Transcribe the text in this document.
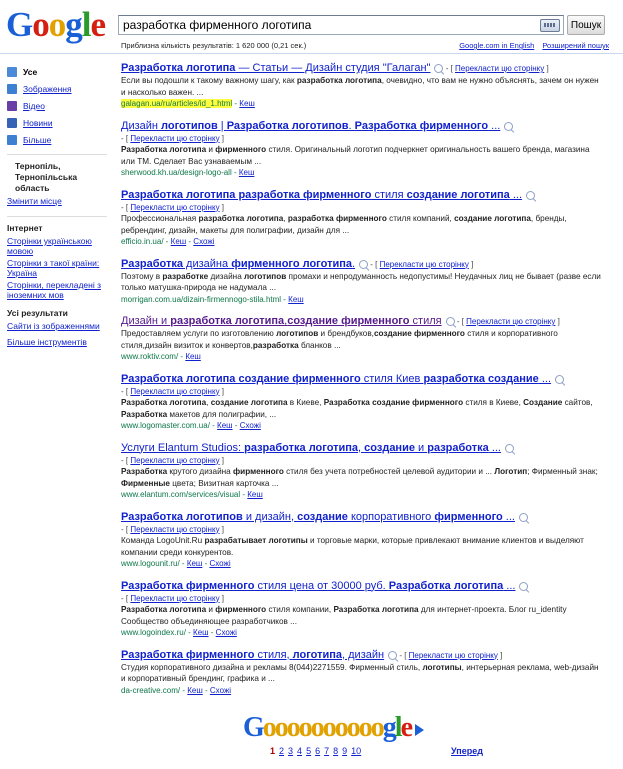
Google
разработка фирменного логотипа	Пошук
Приблизна кількість результатів: 1 620 000 (0,21 сек.)	Google.com in English Розширений пошук
Усе
Зображення
Відео
Новини
Більше
Тернопіль, Тернопільська область
Змінити місце
Інтернет
Сторінки українською мовою
Сторінки з такої країни: Україна
Сторінки, перекладені з іноземних мов
Усі результати
Сайти із зображеннями
Більше інструментів
Разработка логотипа — Статьи — Дизайн студия "Галаган" - [ Перекласти цю сторінку ]
Если вы подошли к такому важному шагу, как разработка логотипа, очевидно, что вам не нужно объяснять, зачем он нужен и насколько важен. ...
galagan.ua/ru/articles/id_1.html - Кеш
Дизайн логотипов | Разработка логотипов. Разработка фирменного ...
- [ Перекласти цю сторінку ]
Разработка логотипа и фирменного стиля. Оригинальный логотип подчеркнет оригинальность вашего бренда, магазина или ТМ. Сделает Вас узнаваемым ...
sherwood.kh.ua/design-logo-all - Кеш
Разработка логотипа разработка фирменного стиля создание логотипа ...
- [ Перекласти цю сторінку ]
Профессиональная разработка логотипа, разработка фирменного стиля компаний, создание логотипа, бренды, ребрендинг, дизайн, макеты для полиграфии, дизайн для ...
efficio.in.ua/ - Кеш - Схожі
Разработка дизайна фирменного логотипа. - [ Перекласти цю сторінку ]
Поэтому в разработке дизайна логотипов промахи и непродуманность недопустимы! Неудачных лиц не бывает (разве если только матушка-природа не надумала ...
morrigan.com.ua/dizain-firmennogo-stila.html - Кеш
Дизайн и разработка логотипа,создание фирменного стиля - [ Перекласти цю сторінку ]
Предоставляем услуги по изготовлению логотипов и брендбуков,создание фирменного стиля и корпоративного стиля,дизайн визиток и конвертов,разработка бланков ...
www.roktiv.com/ - Кеш
Разработка логотипа создание фирменного стиля Киев разработка создание ...
- [ Перекласти цю сторінку ]
Разработка логотипа, создание логотипа в Киеве, Разработка создание фирменного стиля в Киеве, Создание сайтов, Разработка макетов для полиграфии, ...
www.logomaster.com.ua/ - Кеш - Схожі
Услуги Elantum Studios: разработка логотипа, создание и разработка ...
- [ Перекласти цю сторінку ]
Разработка крутого дизайна фирменного стиля без учета потребностей целевой аудитории и ... Логотип; Фирменный знак; Фирменные цвета; Визитная карточка ...
www.elantum.com/services/visual - Кеш
Разработка логотипов и дизайн, создание корпоративного фирменного ...
- [ Перекласти цю сторінку ]
Команда LogoUnit.Ru разрабатывает логотипы и торговые марки, которые привлекают внимание клиентов и выделяют компании среди конкурентов.
www.logounit.ru/ - Кеш - Схожі
Разработка фирменного стиля цена от 30000 руб. Разработка логотипа ...
- [ Перекласти цю сторінку ]
Разработка логотипа и фирменного стиля компании, Разработка логотипа для интернет-проекта. Блог ru_identity Сообщество объединяющее разработчиков ...
www.logoindex.ru/ - Кеш - Схожі
Разработка фирменного стиля, логотипа, дизайн - [ Перекласти цю сторінку ]
Студия корпоративного дизайна и рекламы 8(044)2271559. Фирменный стиль, логотипы, интерьерная реклама, web-дизайн и корпоративный брендинг, графика и ...
da-creative.com/ - Кеш - Схожі
Goooooooooogle
1 2 3 4 5 6 7 8 9 10	Уперед
